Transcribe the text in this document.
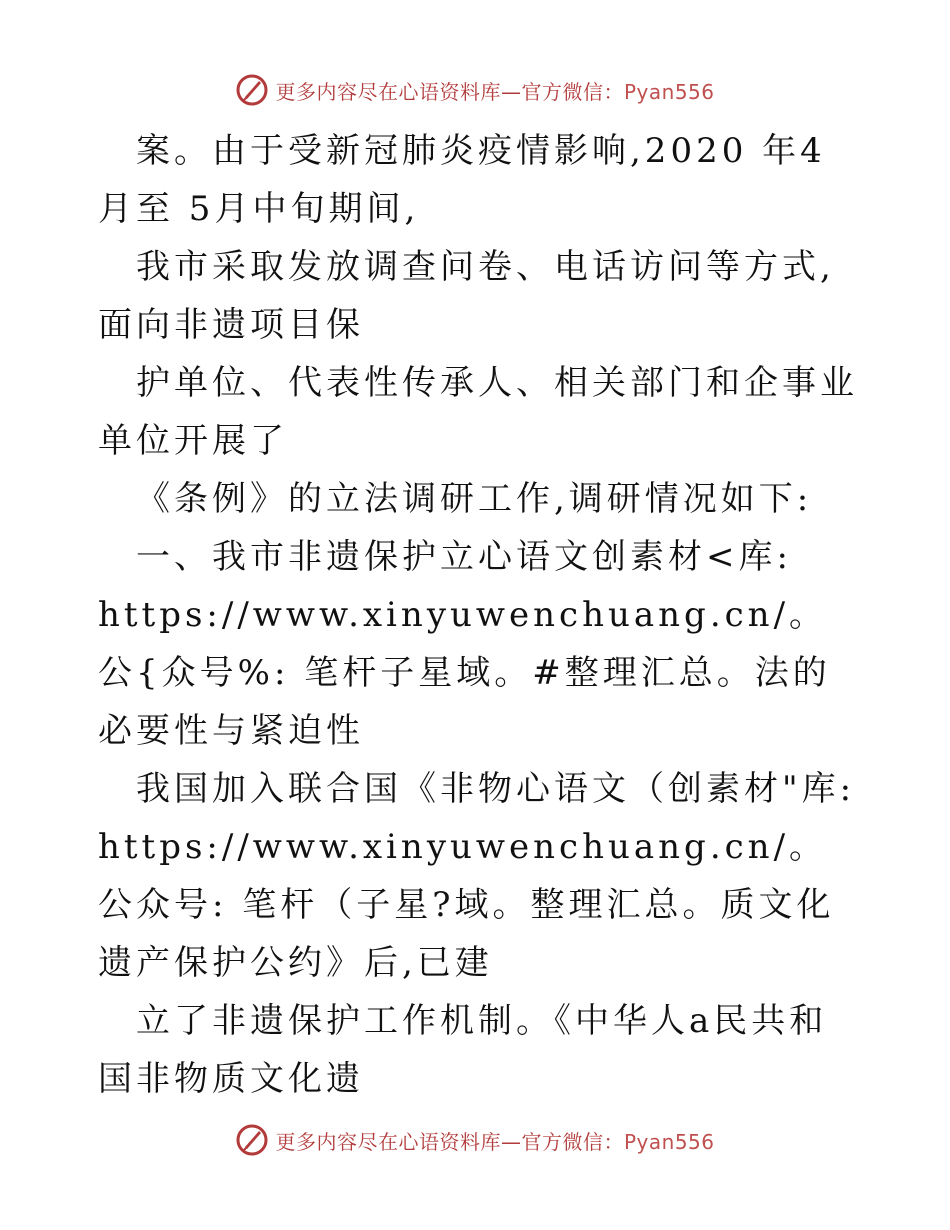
更多内容尽在心语资料库—官方微信：Pyan556

案。由于受新冠肺炎疫情影响,2020 年4月至 5月中旬期间,

我市采取发放调查问卷、电话访问等方式,面向非遗项目保

护单位、代表性传承人、相关部门和企事业单位开展了

《条例》的立法调研工作,调研情况如下:

一、我市非遗保护立心语文创素材<库:

https://www.xinyuwenchuang.cn/。公{众号%: 笔杆子星域。#整理汇总。法的必要性与紧迫性

我国加入联合国《非物心语文（创素材"库:

https://www.xinyuwenchuang.cn/。公众号: 笔杆（子星?域。整理汇总。质文化遗产保护公约》后,已建

立了非遗保护工作机制。《中华人a民共和国非物质文化遗

更多内容尽在心语资料库—官方微信：Pyan556
